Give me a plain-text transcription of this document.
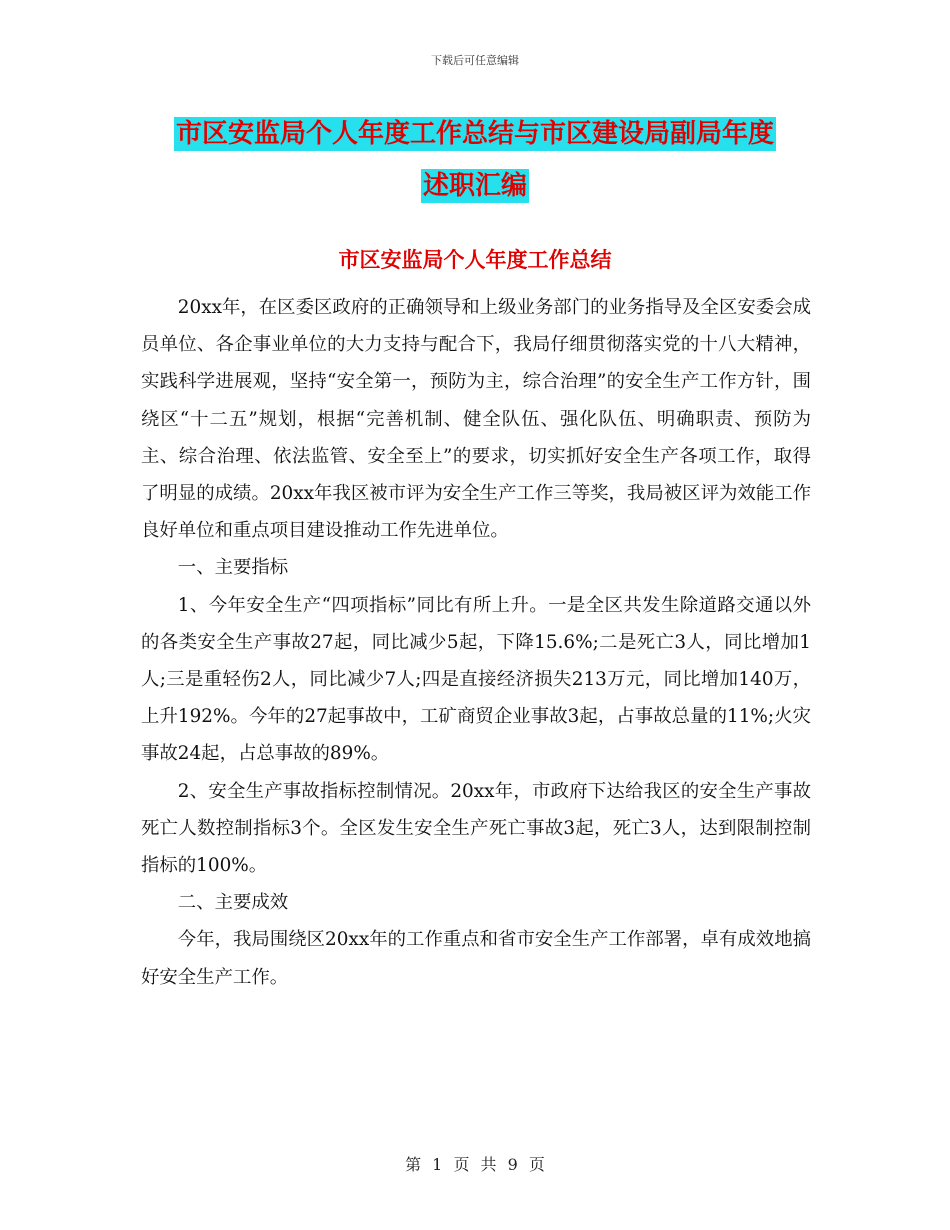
下载后可任意编辑
市区安监局个人年度工作总结与市区建设局副局年度
述职汇编
市区安监局个人年度工作总结

20xx年，在区委区政府的正确领导和上级业务部门的业务指导及全区安委会成员单位、各企事业单位的大力支持与配合下，我局仔细贯彻落实党的十八大精神，实践科学进展观，坚持“安全第一，预防为主，综合治理”的安全生产工作方针，围绕区“十二五”规划，根据“完善机制、健全队伍、强化队伍、明确职责、预防为主、综合治理、依法监管、安全至上”的要求，切实抓好安全生产各项工作，取得了明显的成绩。20xx年我区被市评为安全生产工作三等奖，我局被区评为效能工作良好单位和重点项目建设推动工作先进单位。

一、主要指标

1、今年安全生产“四项指标”同比有所上升。一是全区共发生除道路交通以外的各类安全生产事故27起，同比减少5起，下降15.6%;二是死亡3人，同比增加1人;三是重轻伤2人，同比减少7人;四是直接经济损失213万元，同比增加140万，上升192%。今年的27起事故中，工矿商贸企业事故3起，占事故总量的11%;火灾事故24起，占总事故的89%。

2、安全生产事故指标控制情况。20xx年，市政府下达给我区的安全生产事故死亡人数控制指标3个。全区发生安全生产死亡事故3起，死亡3人，达到限制控制指标的100%。

二、主要成效

今年，我局围绕区20xx年的工作重点和省市安全生产工作部署，卓有成效地搞好安全生产工作。

第 1 页 共 9 页
